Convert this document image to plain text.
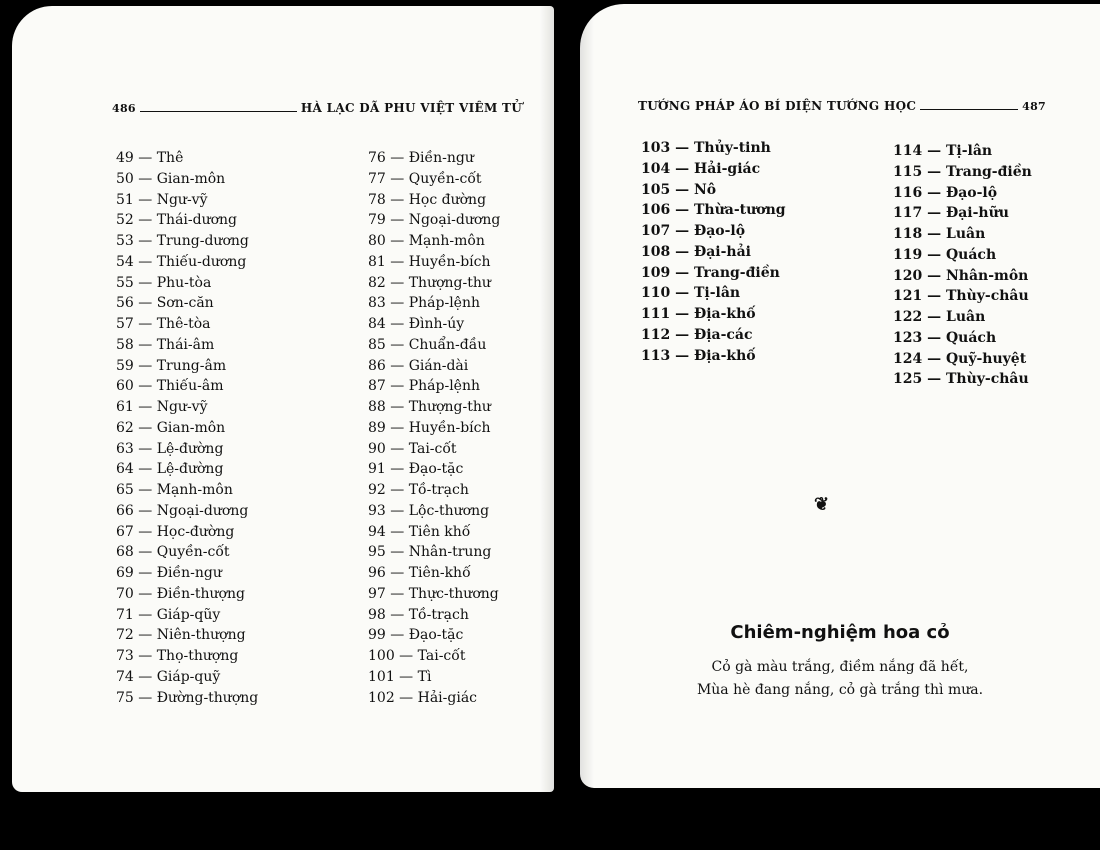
486	HÀ LẠC DÃ PHU VIỆT VIÊM TỬ
49 — Thê
50 — Gian-môn
51 — Ngư-vỹ
52 — Thái-dương
53 — Trung-dương
54 — Thiếu-dương
55 — Phu-tòa
56 — Sơn-căn
57 — Thê-tòa
58 — Thái-âm
59 — Trung-âm
60 — Thiếu-âm
61 — Ngư-vỹ
62 — Gian-môn
63 — Lệ-đường
64 — Lệ-đường
65 — Mạnh-môn
66 — Ngoại-dương
67 — Học-đường
68 — Quyền-cốt
69 — Điền-ngư
70 — Điền-thượng
71 — Giáp-qũy
72 — Niên-thượng
73 — Thọ-thượng
74 — Giáp-quỹ
75 — Đường-thượng
76 — Điền-ngư
77 — Quyền-cốt
78 — Học đường
79 — Ngoại-dương
80 — Mạnh-môn
81 — Huyền-bích
82 — Thượng-thư
83 — Pháp-lệnh
84 — Đình-úy
85 — Chuẩn-đầu
86 — Gián-dài
87 — Pháp-lệnh
88 — Thượng-thư
89 — Huyền-bích
90 — Tai-cốt
91 — Đạo-tặc
92 — Tồ-trạch
93 — Lộc-thương
94 — Tiên khố
95 — Nhân-trung
96 — Tiên-khố
97 — Thực-thương
98 — Tồ-trạch
99 — Đạo-tặc
100 — Tai-cốt
101 — Tì
102 — Hải-giác
TƯỚNG PHÁP ÁO BÍ DIỆN TƯỚNG HỌC	487
103 — Thủy-tinh
104 — Hải-giác
105 — Nô
106 — Thừa-tương
107 — Đạo-lộ
108 — Đại-hải
109 — Trang-điền
110 — Tị-lân
111 — Địa-khố
112 — Địa-các
113 — Địa-khố
114 — Tị-lân
115 — Trang-điền
116 — Đạo-lộ
117 — Đại-hữu
118 — Luân
119 — Quách
120 — Nhân-môn
121 — Thùy-châu
122 — Luân
123 — Quách
124 — Quỹ-huyệt
125 — Thùy-châu
❦
Chiêm-nghiệm hoa cỏ
Cỏ gà màu trắng, điềm nắng đã hết,
Mùa hè đang nắng, cỏ gà trắng thì mưa.
